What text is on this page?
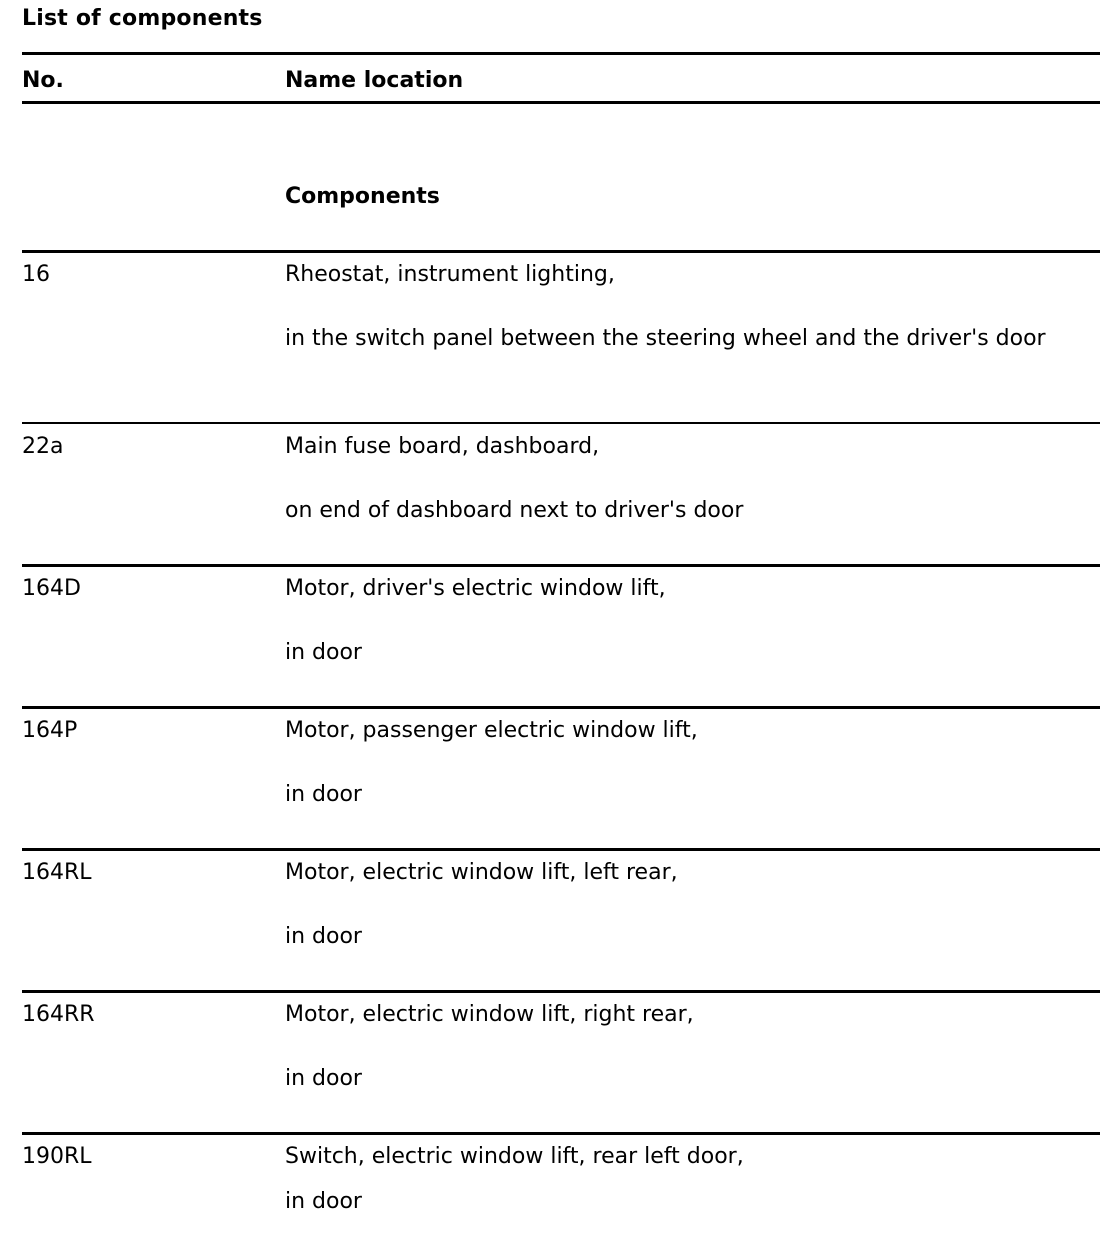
List of components
No.	Name location
Components
16	Rheostat, instrument lighting,
in the switch panel between the steering wheel and the driver's door
22a	Main fuse board, dashboard,
on end of dashboard next to driver's door
164D	Motor, driver's electric window lift,
in door
164P	Motor, passenger electric window lift,
in door
164RL	Motor, electric window lift, left rear,
in door
164RR	Motor, electric window lift, right rear,
in door
190RL	Switch, electric window lift, rear left door,
in door
